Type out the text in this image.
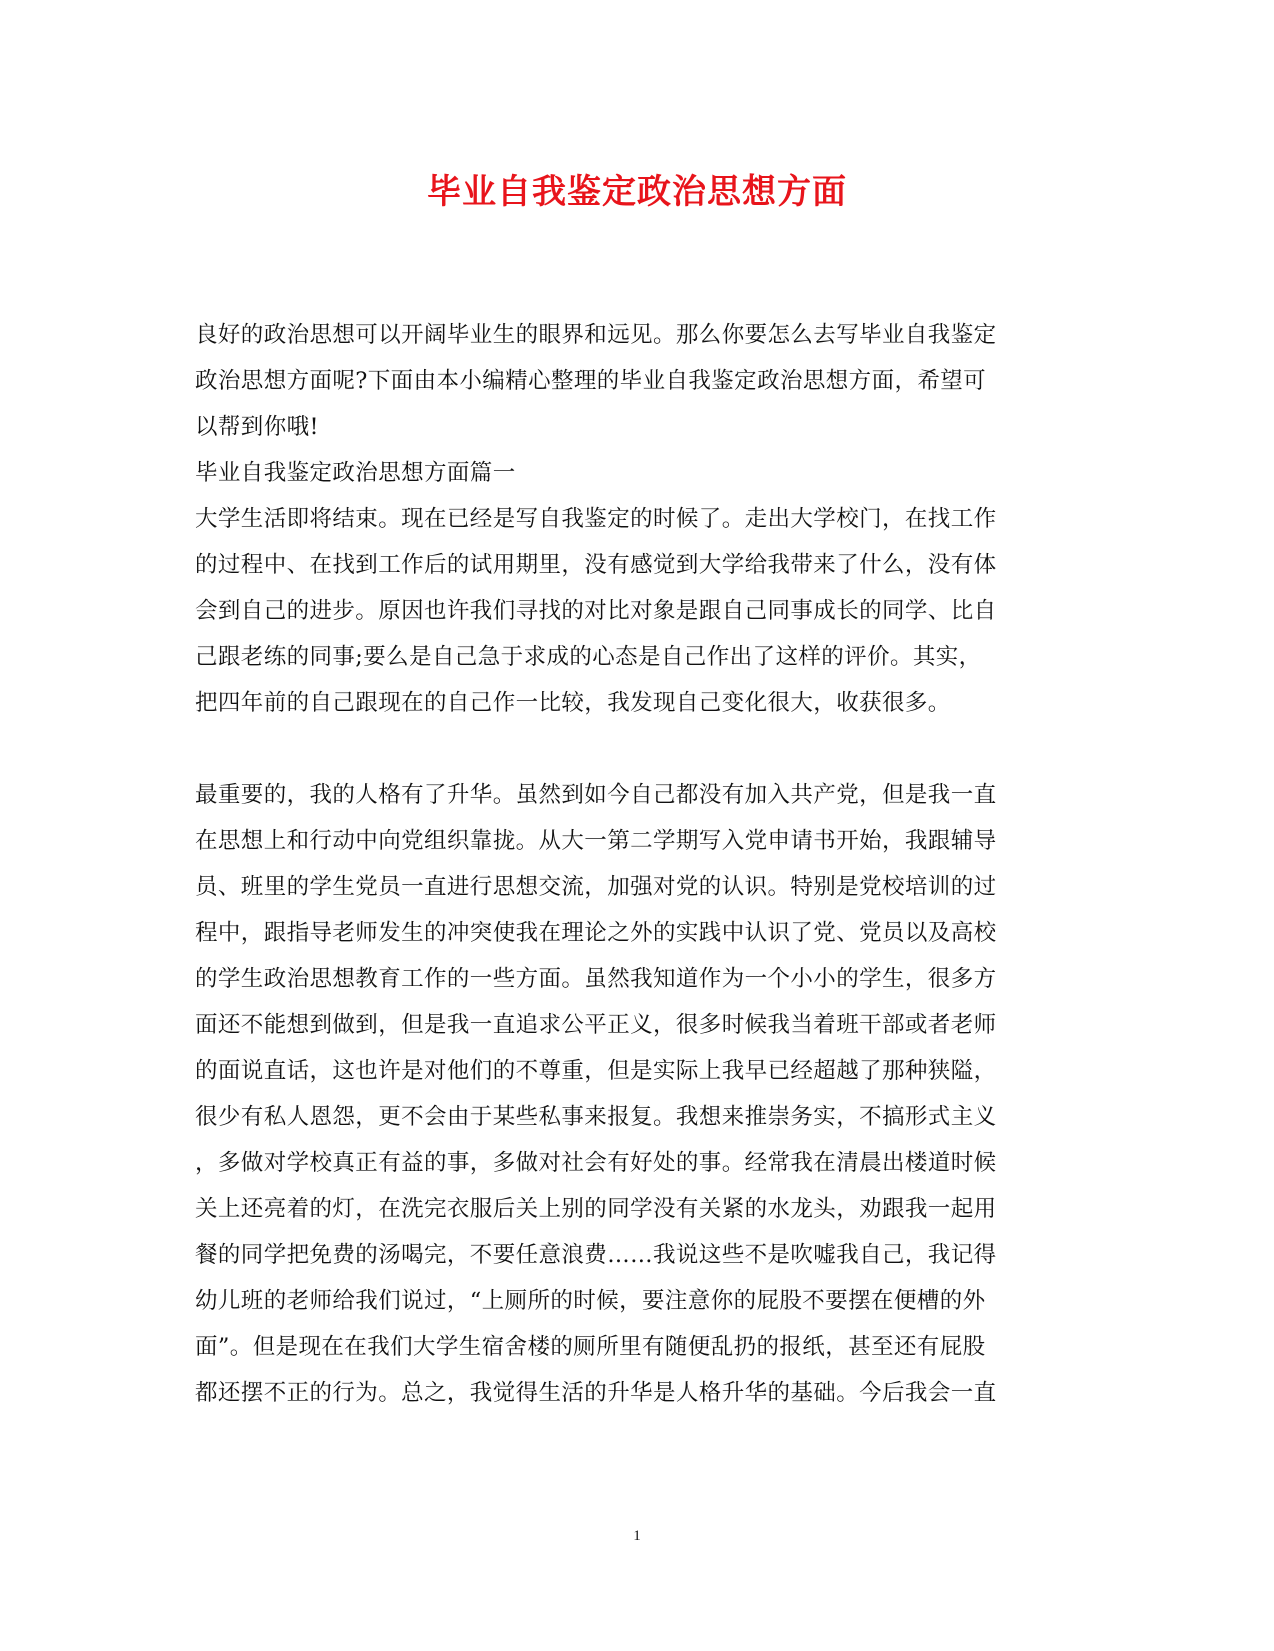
毕业自我鉴定政治思想方面
良好的政治思想可以开阔毕业生的眼界和远见。那么你要怎么去写毕业自我鉴定
政治思想方面呢?下面由本小编精心整理的毕业自我鉴定政治思想方面，希望可
以帮到你哦!
毕业自我鉴定政治思想方面篇一
大学生活即将结束。现在已经是写自我鉴定的时候了。走出大学校门，在找工作
的过程中、在找到工作后的试用期里，没有感觉到大学给我带来了什么，没有体
会到自己的进步。原因也许我们寻找的对比对象是跟自己同事成长的同学、比自
己跟老练的同事;要么是自己急于求成的心态是自己作出了这样的评价。其实，
把四年前的自己跟现在的自己作一比较，我发现自己变化很大，收获很多。
最重要的，我的人格有了升华。虽然到如今自己都没有加入共产党，但是我一直
在思想上和行动中向党组织靠拢。从大一第二学期写入党申请书开始，我跟辅导
员、班里的学生党员一直进行思想交流，加强对党的认识。特别是党校培训的过
程中，跟指导老师发生的冲突使我在理论之外的实践中认识了党、党员以及高校
的学生政治思想教育工作的一些方面。虽然我知道作为一个小小的学生，很多方
面还不能想到做到，但是我一直追求公平正义，很多时候我当着班干部或者老师
的面说直话，这也许是对他们的不尊重，但是实际上我早已经超越了那种狭隘，
很少有私人恩怨，更不会由于某些私事来报复。我想来推崇务实，不搞形式主义
，多做对学校真正有益的事，多做对社会有好处的事。经常我在清晨出楼道时候
关上还亮着的灯，在洗完衣服后关上别的同学没有关紧的水龙头，劝跟我一起用
餐的同学把免费的汤喝完，不要任意浪费……我说这些不是吹嘘我自己，我记得
幼儿班的老师给我们说过，“上厕所的时候，要注意你的屁股不要摆在便槽的外
面”。但是现在在我们大学生宿舍楼的厕所里有随便乱扔的报纸，甚至还有屁股
都还摆不正的行为。总之，我觉得生活的升华是人格升华的基础。今后我会一直
1
